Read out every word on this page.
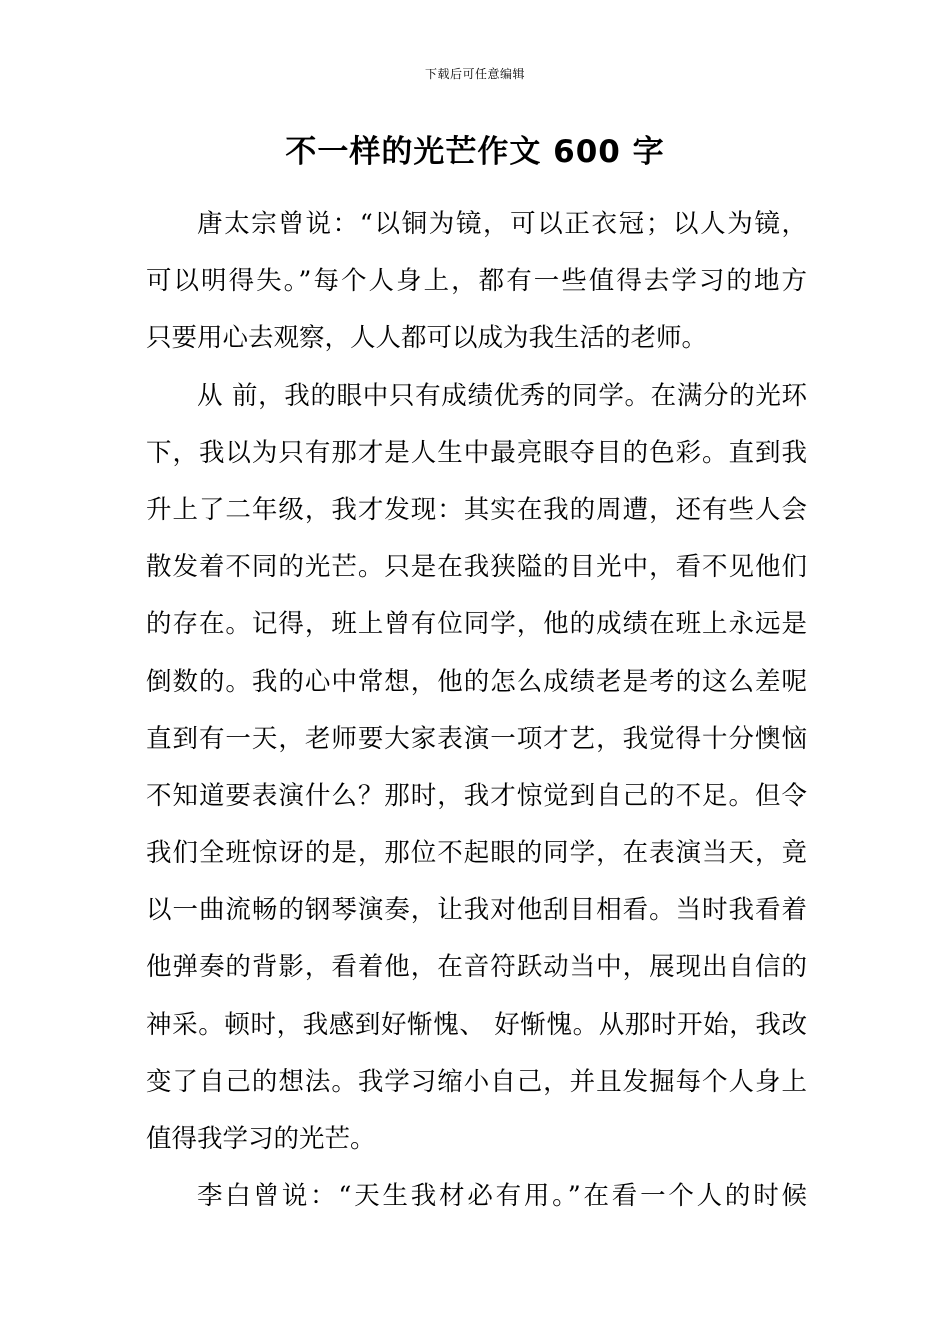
下载后可任意编辑
不一样的光芒作文 600 字
唐太宗曾说：“以铜为镜，可以正衣冠；以人为镜，
可以明得失。”每个人身上，都有一些值得去学习的地方
只要用心去观察，人人都可以成为我生活的老师。
从 前，我的眼中只有成绩优秀的同学。在满分的光环
下，我以为只有那才是人生中最亮眼夺目的色彩。直到我
升上了二年级，我才发现：其实在我的周遭，还有些人会
散发着不同的光芒。只是在我狭隘的目光中，看不见他们
的存在。记得，班上曾有位同学，他的成绩在班上永远是
倒数的。我的心中常想，他的怎么成绩老是考的这么差呢
直到有一天，老师要大家表演一项才艺，我觉得十分懊恼
不知道要表演什么？那时，我才惊觉到自己的不足。但令
我们全班惊讶的是，那位不起眼的同学，在表演当天，竟
以一曲流畅的钢琴演奏，让我对他刮目相看。当时我看着
他弹奏的背影，看着他，在音符跃动当中，展现出自信的
神采。顿时，我感到好惭愧、 好惭愧。从那时开始，我改
变了自己的想法。我学习缩小自己，并且发掘每个人身上
值得我学习的光芒。
李白曾说：“天生我材必有用。”在看一个人的时候
